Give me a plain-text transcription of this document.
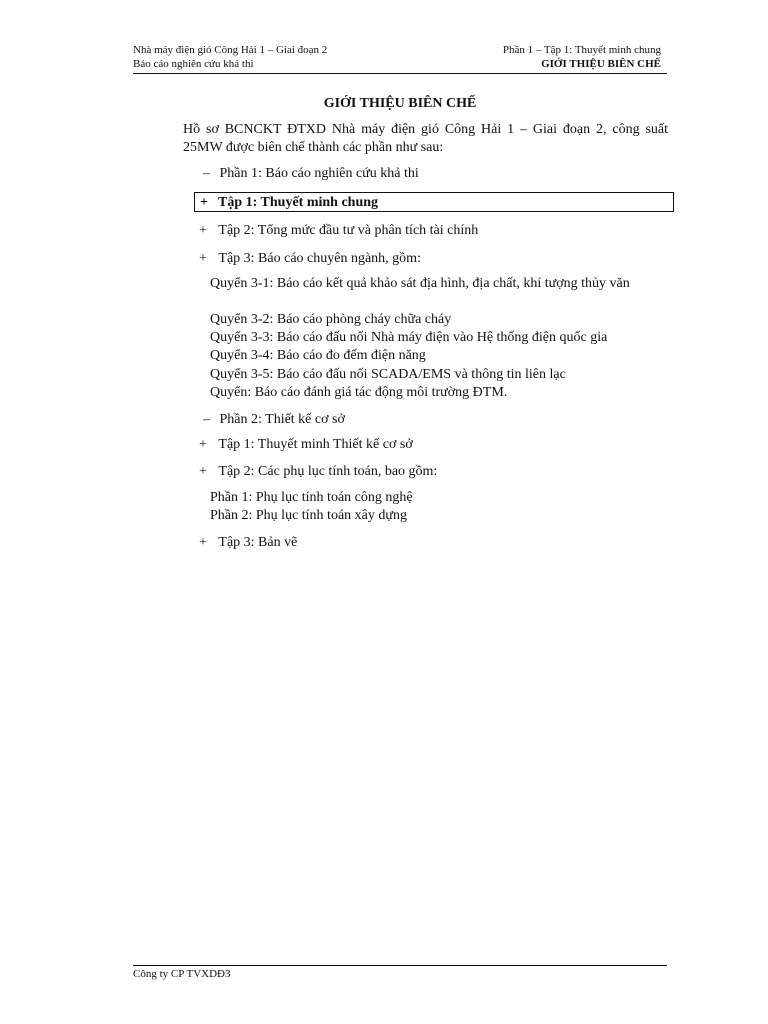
Nhà máy điện gió Công Hải 1 – Giai đoạn 2
Báo cáo nghiên cứu khả thi
Phần 1 – Tập 1: Thuyết minh chung
GIỚI THIỆU BIÊN CHẾ
GIỚI THIỆU BIÊN CHẾ
Hồ sơ BCNCKT ĐTXD Nhà máy điện gió Công Hải 1 – Giai đoạn 2, công suất 25MW được biên chế thành các phần như sau:
– Phần 1: Báo cáo nghiên cứu khả thi
+ Tập 1: Thuyết minh chung
+ Tập 2: Tổng mức đầu tư và phân tích tài chính
+ Tập 3: Báo cáo chuyên ngành, gồm:
Quyển 3-1: Báo cáo kết quả khảo sát địa hình, địa chất, khí tượng thủy văn
Quyển 3-2: Báo cáo phòng cháy chữa cháy
Quyển 3-3: Báo cáo đấu nối Nhà máy điện vào Hệ thống điện quốc gia
Quyển 3-4: Báo cáo đo đếm điện năng
Quyển 3-5: Báo cáo đấu nối SCADA/EMS và thông tin liên lạc
Quyển: Báo cáo đánh giá tác động môi trường ĐTM.
– Phần 2: Thiết kế cơ sở
+ Tập 1: Thuyết minh Thiết kế cơ sở
+ Tập 2: Các phụ lục tính toán, bao gồm:
Phần 1: Phụ lục tính toán công nghệ
Phần 2: Phụ lục tính toán xây dựng
+ Tập 3: Bản vẽ
Công ty CP TVXDĐ3
